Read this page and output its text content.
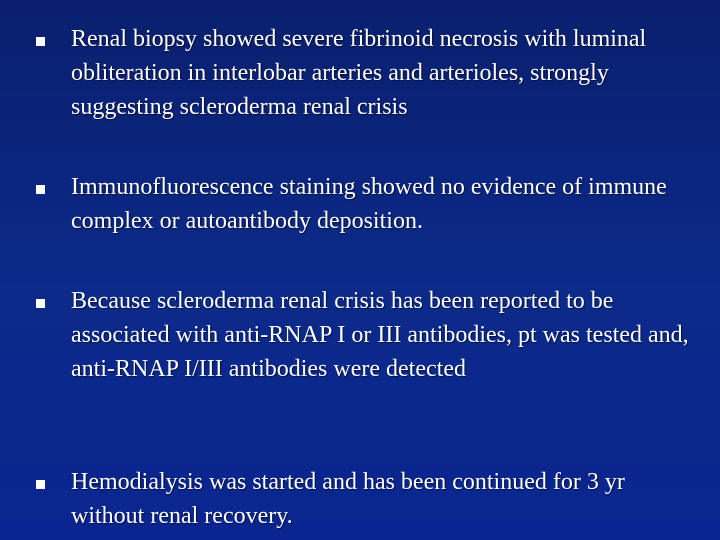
Renal biopsy showed severe fibrinoid necrosis with luminal obliteration in interlobar arteries and arterioles, strongly suggesting scleroderma renal crisis
Immunofluorescence staining showed no evidence of immune complex or autoantibody deposition.
Because scleroderma renal crisis has been reported to be associated with anti-RNAP I or III antibodies, pt was tested and, anti-RNAP I/III antibodies were detected
Hemodialysis was started and has been continued for 3 yr without renal recovery.
